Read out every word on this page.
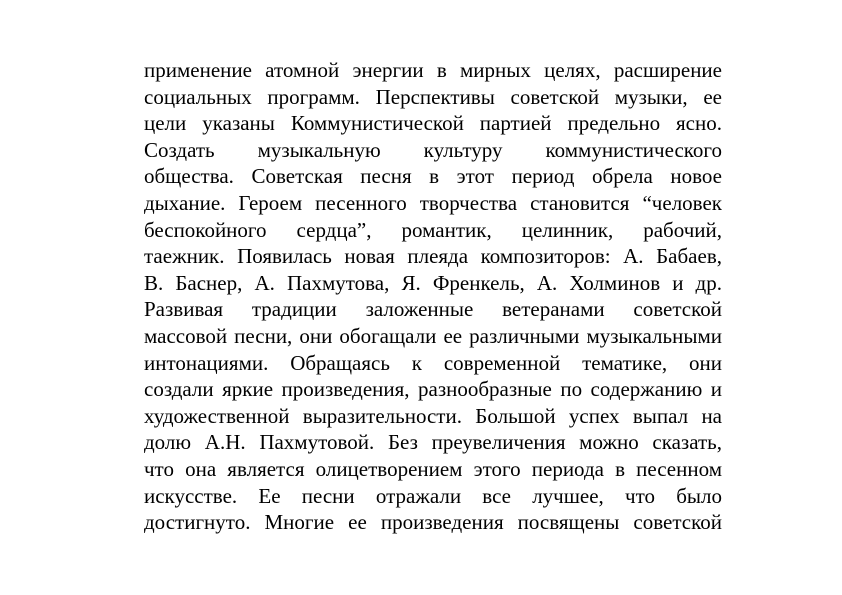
применение атомной энергии в мирных целях, расширение
социальных программ. Перспективы советской музыки, ее
цели указаны Коммунистической партией предельно ясно.
Создать музыкальную культуру коммунистического
общества. Советская песня в этот период обрела новое
дыхание. Героем песенного творчества становится “человек
беспокойного сердца”, романтик, целинник, рабочий,
таежник. Появилась новая плеяда композиторов: А. Бабаев,
В. Баснер, А. Пахмутова, Я. Френкель, А. Холминов и др.
Развивая традиции заложенные ветеранами советской
массовой песни, они обогащали ее различными музыкальными
интонациями. Обращаясь к современной тематике, они
создали яркие произведения, разнообразные по содержанию и
художественной выразительности. Большой успех выпал на
долю А.Н. Пахмутовой. Без преувеличения можно сказать,
что она является олицетворением этого периода в песенном
искусстве. Ее песни отражали все лучшее, что было
достигнуто. Многие ее произведения посвящены советской
